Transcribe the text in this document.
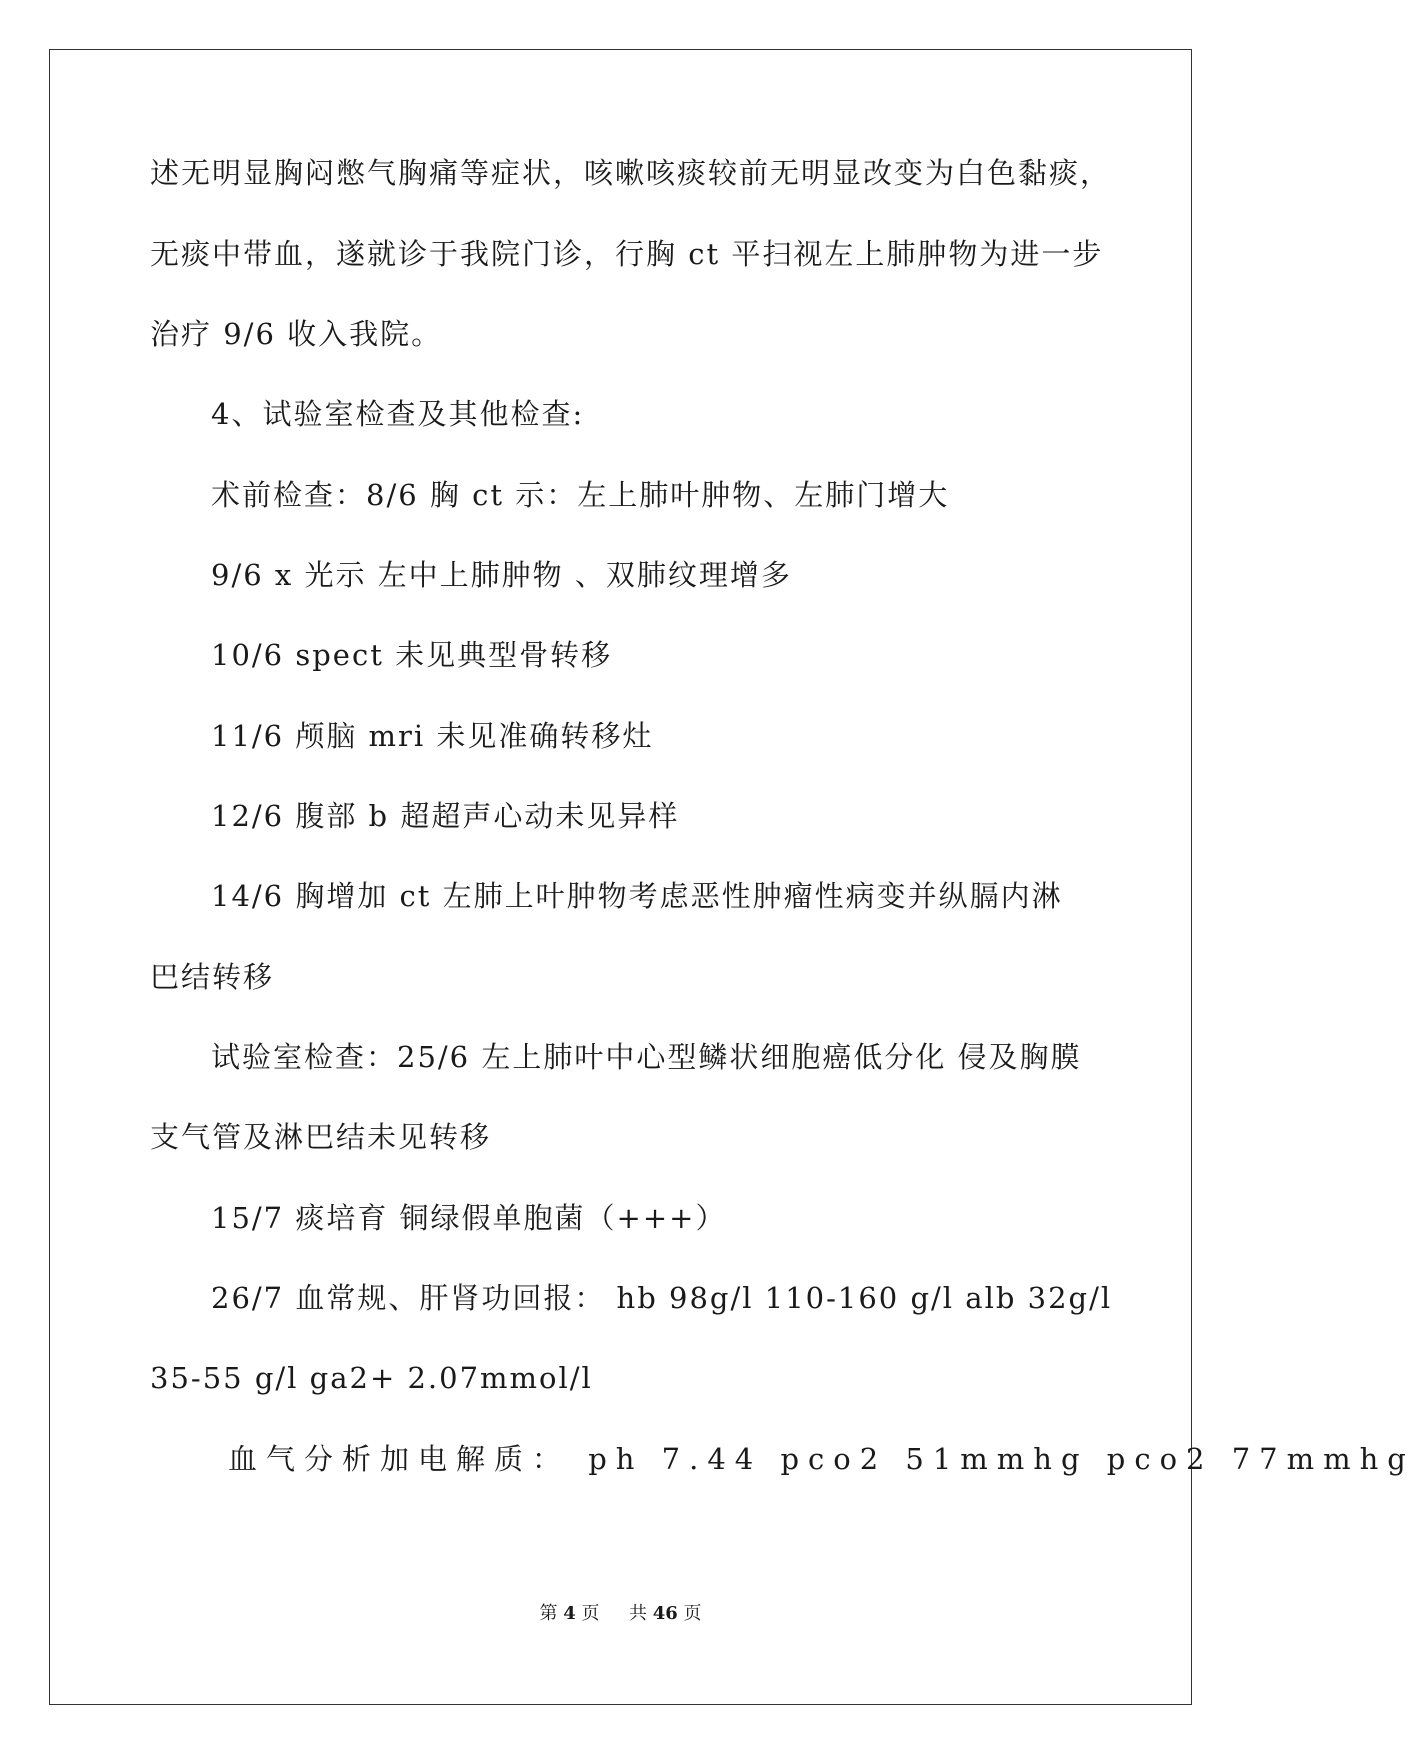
述无明显胸闷憋气胸痛等症状，咳嗽咳痰较前无明显改变为白色黏痰，
无痰中带血，遂就诊于我院门诊，行胸 ct 平扫视左上肺肿物为进一步
治疗 9/6 收入我院。
4、试验室检查及其他检查:
术前检查：8/6 胸 ct 示：左上肺叶肿物、左肺门增大
9/6 x 光示 左中上肺肿物 、双肺纹理增多
10/6 spect 未见典型骨转移
11/6 颅脑 mri 未见准确转移灶
12/6 腹部 b 超超声心动未见异样
14/6 胸增加 ct 左肺上叶肿物考虑恶性肿瘤性病变并纵膈内淋
巴结转移
试验室检查：25/6 左上肺叶中心型鳞状细胞癌低分化 侵及胸膜
支气管及淋巴结未见转移
15/7 痰培育 铜绿假单胞菌（+++）
26/7 血常规、肝肾功回报： hb 98g/l 110-160 g/l alb 32g/l
35-55 g/l ga2+ 2.07mmol/l
血气分析加电解质： ph 7.44 pco2 51mmhg pco2 77mmhg
第 4 页 共 46 页
